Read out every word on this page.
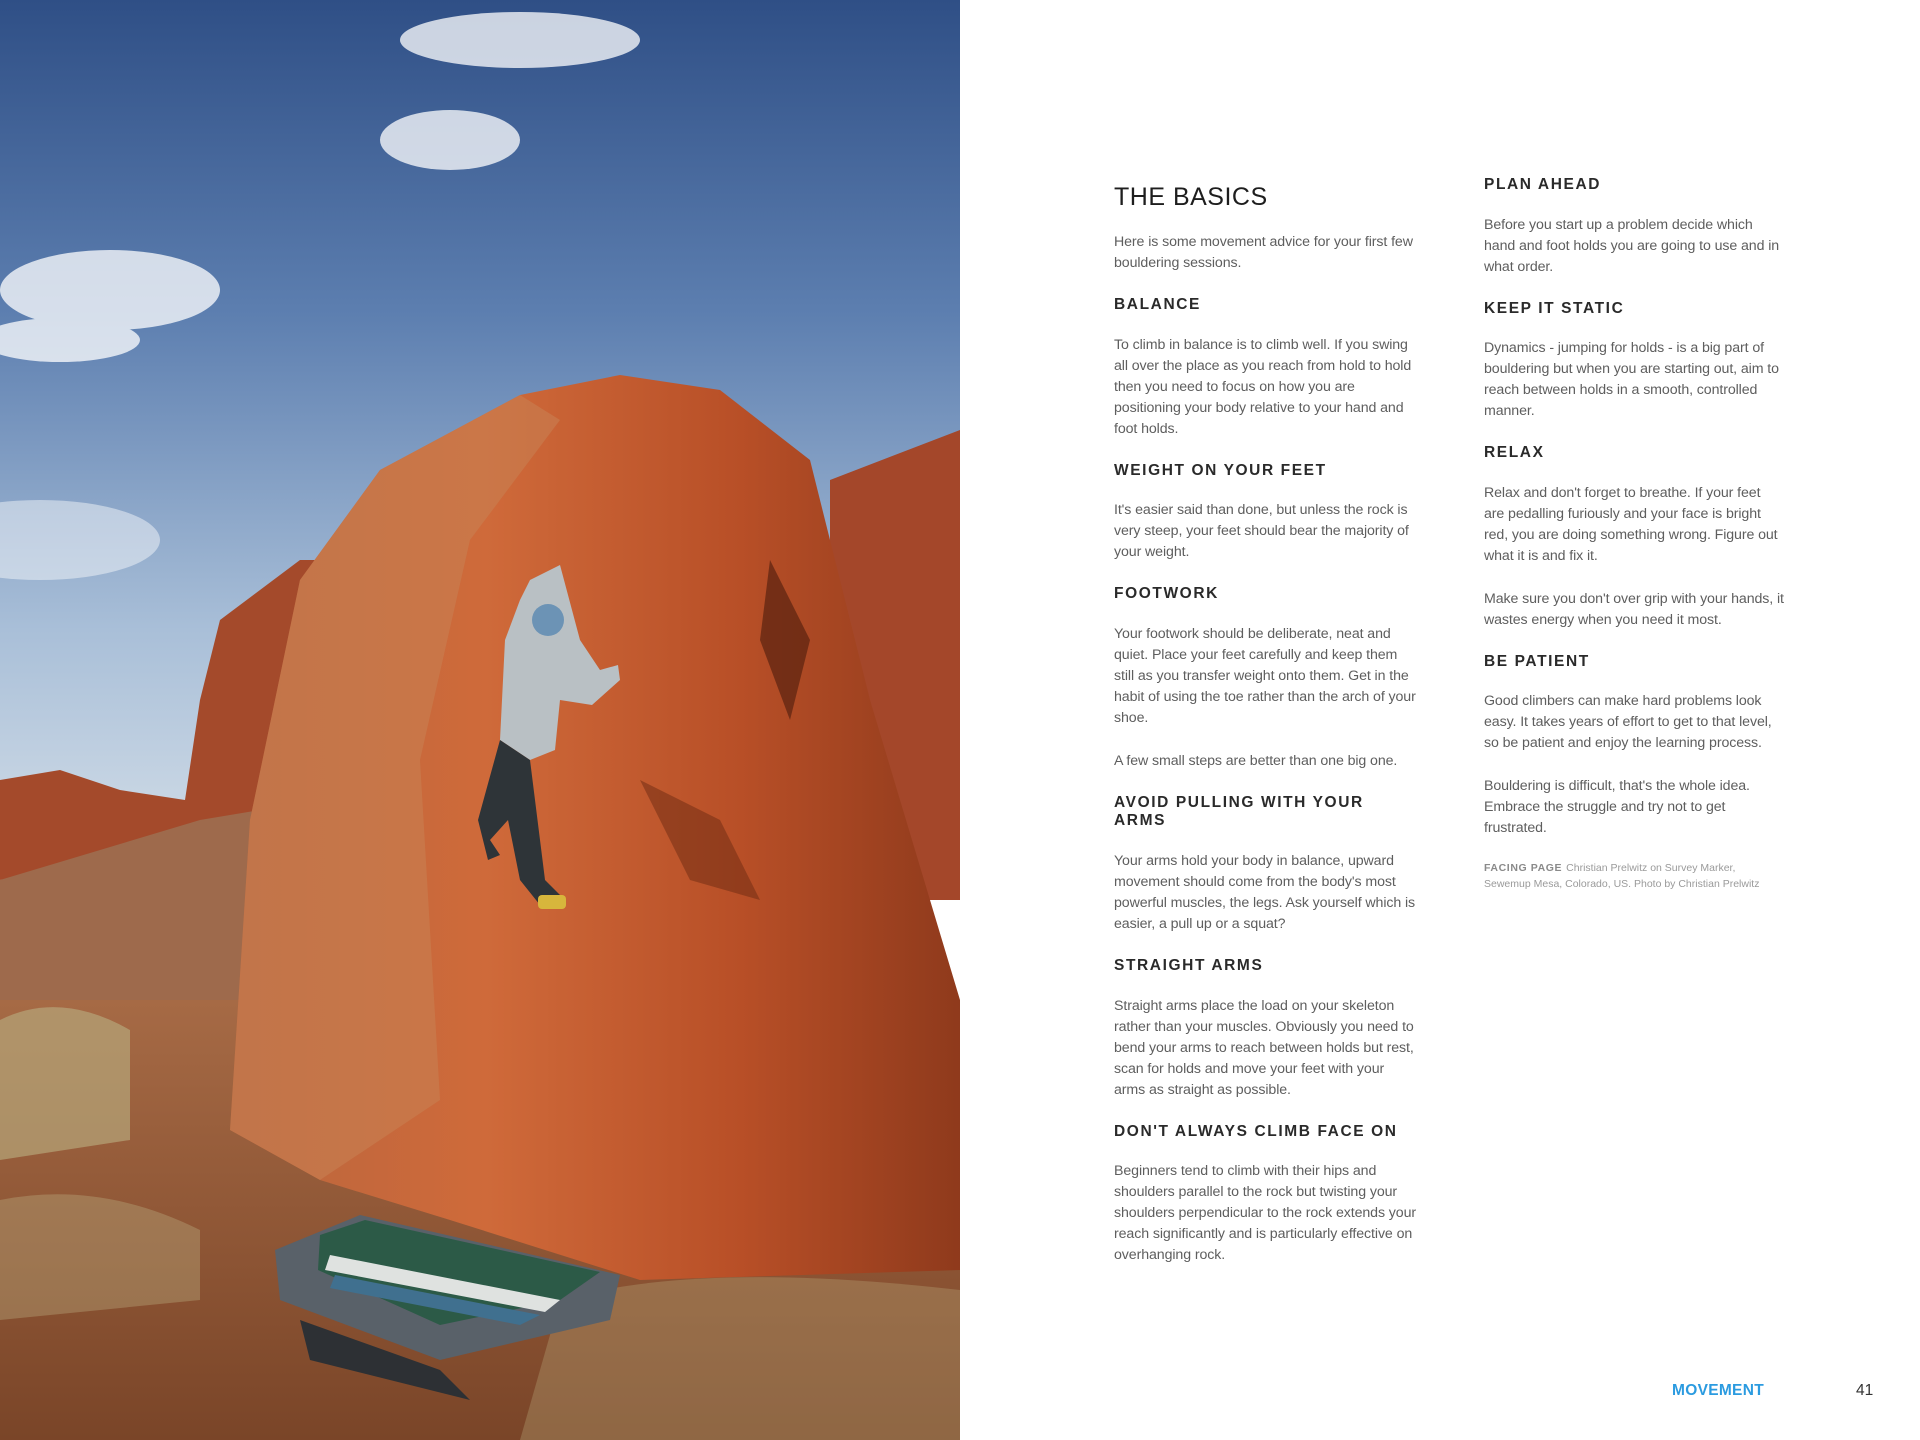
THE BASICS

Here is some movement advice for your first few bouldering sessions.

BALANCE

To climb in balance is to climb well. If you swing all over the place as you reach from hold to hold then you need to focus on how you are positioning your body relative to your hand and foot holds.

WEIGHT ON YOUR FEET

It's easier said than done, but unless the rock is very steep, your feet should bear the majority of your weight.

FOOTWORK

Your footwork should be deliberate, neat and quiet. Place your feet carefully and keep them still as you transfer weight onto them. Get in the habit of using the toe rather than the arch of your shoe.

A few small steps are better than one big one.

AVOID PULLING WITH YOUR ARMS

Your arms hold your body in balance, upward movement should come from the body's most powerful muscles, the legs. Ask yourself which is easier, a pull up or a squat?

STRAIGHT ARMS

Straight arms place the load on your skeleton rather than your muscles. Obviously you need to bend your arms to reach between holds but rest, scan for holds and move your feet with your arms as straight as possible.

DON'T ALWAYS CLIMB FACE ON

Beginners tend to climb with their hips and shoulders parallel to the rock but twisting your shoulders perpendicular to the rock extends your reach significantly and is particularly effective on overhanging rock.

PLAN AHEAD

Before you start up a problem decide which hand and foot holds you are going to use and in what order.

KEEP IT STATIC

Dynamics - jumping for holds - is a big part of bouldering but when you are starting out, aim to reach between holds in a smooth, controlled manner.

RELAX

Relax and don't forget to breathe. If your feet are pedalling furiously and your face is bright red, you are doing something wrong. Figure out what it is and fix it.

Make sure you don't over grip with your hands, it wastes energy when you need it most.

BE PATIENT

Good climbers can make hard problems look easy. It takes years of effort to get to that level, so be patient and enjoy the learning process.

Bouldering is difficult, that's the whole idea. Embrace the struggle and try not to get frustrated.

FACING PAGE Christian Prelwitz on Survey Marker, Sewemup Mesa, Colorado, US. Photo by Christian Prelwitz

MOVEMENT	41
